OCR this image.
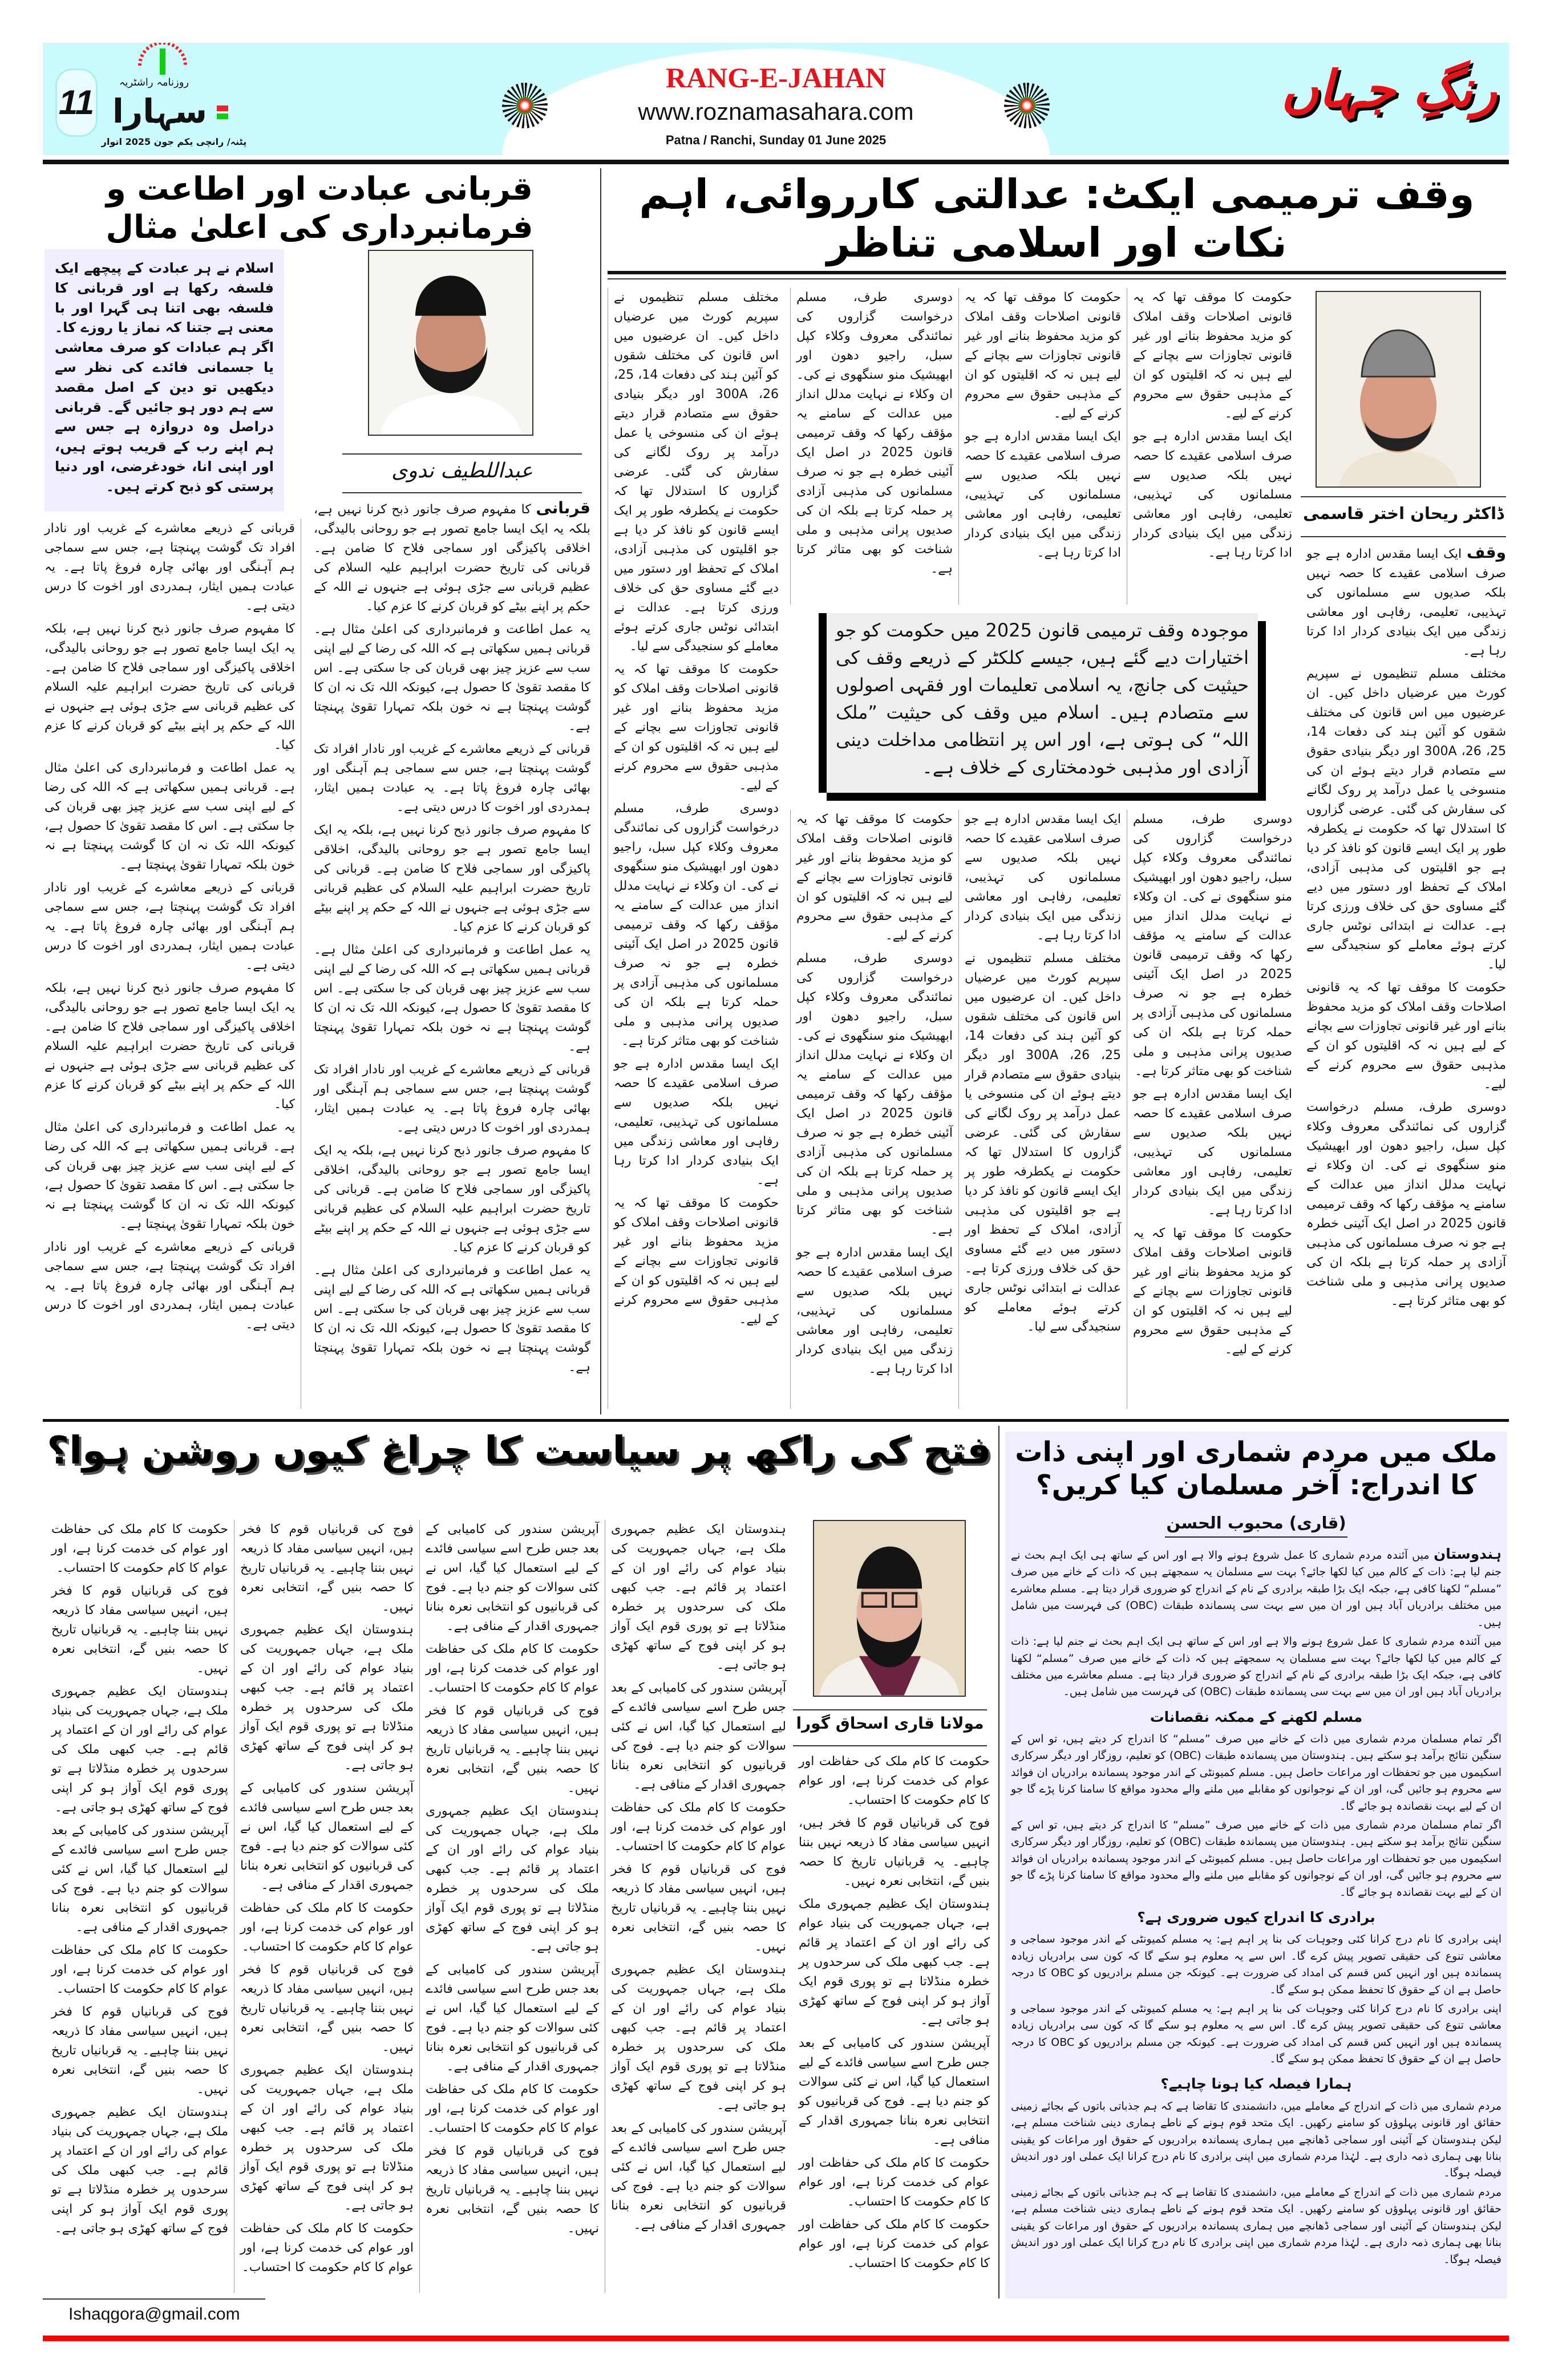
11
روزنامہ راشٹریہ
سہارا
پٹنہ/ رانچی یکم جون 2025 اتوار
RANG-E-JAHAN
www.roznamasahara.com
Patna / Ranchi, Sunday 01 June 2025
رنگِ جہاں
وقف ترمیمی ایکٹ: عدالتی کارروائی، اہم نکات اور اسلامی تناظر
ڈاکٹر ریحان اختر قاسمی

وقف ایک ایسا مقدس ادارہ ہے جو صرف اسلامی عقیدے کا حصہ نہیں بلکہ صدیوں سے مسلمانوں کی تہذیبی، تعلیمی، رفاہی اور معاشی زندگی میں ایک بنیادی کردار ادا کرتا رہا ہے۔

مختلف مسلم تنظیموں نے سپریم کورٹ میں عرضیاں داخل کیں۔ ان عرضیوں میں اس قانون کی مختلف شقوں کو آئین ہند کی دفعات 14، 25، 26، 300A اور دیگر بنیادی حقوق سے متصادم قرار دیتے ہوئے ان کی منسوخی یا عمل درآمد پر روک لگانے کی سفارش کی گئی۔ عرضی گزاروں کا استدلال تھا کہ حکومت نے یکطرفہ طور پر ایک ایسے قانون کو نافذ کر دیا ہے جو اقلیتوں کی مذہبی آزادی، املاک کے تحفظ اور دستور میں دیے گئے مساوی حق کی خلاف ورزی کرتا ہے۔ عدالت نے ابتدائی نوٹس جاری کرتے ہوئے معاملے کو سنجیدگی سے لیا۔

حکومت کا موقف تھا کہ یہ قانونی اصلاحات وقف املاک کو مزید محفوظ بنانے اور غیر قانونی تجاوزات سے بچانے کے لیے ہیں نہ کہ اقلیتوں کو ان کے مذہبی حقوق سے محروم کرنے کے لیے۔

دوسری طرف، مسلم درخواست گزاروں کی نمائندگی معروف وکلاء کپل سبل، راجیو دھون اور ابھیشیک منو سنگھوی نے کی۔ ان وکلاء نے نہایت مدلل انداز میں عدالت کے سامنے یہ مؤقف رکھا کہ وقف ترمیمی قانون 2025 در اصل ایک آئینی خطرہ ہے جو نہ صرف مسلمانوں کی مذہبی آزادی پر حملہ کرتا ہے بلکہ ان کی صدیوں پرانی مذہبی و ملی شناخت کو بھی متاثر کرتا ہے۔

حکومت کا موقف تھا کہ یہ قانونی اصلاحات وقف املاک کو مزید محفوظ بنانے اور غیر قانونی تجاوزات سے بچانے کے لیے ہیں نہ کہ اقلیتوں کو ان کے مذہبی حقوق سے محروم کرنے کے لیے۔

ایک ایسا مقدس ادارہ ہے جو صرف اسلامی عقیدے کا حصہ نہیں بلکہ صدیوں سے مسلمانوں کی تہذیبی، تعلیمی، رفاہی اور معاشی زندگی میں ایک بنیادی کردار ادا کرتا رہا ہے۔

دوسری طرف، مسلم درخواست گزاروں کی نمائندگی معروف وکلاء کپل سبل، راجیو دھون اور ابھیشیک منو سنگھوی نے کی۔ ان وکلاء نے نہایت مدلل انداز میں عدالت کے سامنے یہ مؤقف رکھا کہ وقف ترمیمی قانون 2025 در اصل ایک آئینی خطرہ ہے جو نہ صرف مسلمانوں کی مذہبی آزادی پر حملہ کرتا ہے بلکہ ان کی صدیوں پرانی مذہبی و ملی شناخت کو بھی متاثر کرتا ہے۔

ایک ایسا مقدس ادارہ ہے جو صرف اسلامی عقیدے کا حصہ نہیں بلکہ صدیوں سے مسلمانوں کی تہذیبی، تعلیمی، رفاہی اور معاشی زندگی میں ایک بنیادی کردار ادا کرتا رہا ہے۔

حکومت کا موقف تھا کہ یہ قانونی اصلاحات وقف املاک کو مزید محفوظ بنانے اور غیر قانونی تجاوزات سے بچانے کے لیے ہیں نہ کہ اقلیتوں کو ان کے مذہبی حقوق سے محروم کرنے کے لیے۔

حکومت کا موقف تھا کہ یہ قانونی اصلاحات وقف املاک کو مزید محفوظ بنانے اور غیر قانونی تجاوزات سے بچانے کے لیے ہیں نہ کہ اقلیتوں کو ان کے مذہبی حقوق سے محروم کرنے کے لیے۔

ایک ایسا مقدس ادارہ ہے جو صرف اسلامی عقیدے کا حصہ نہیں بلکہ صدیوں سے مسلمانوں کی تہذیبی، تعلیمی، رفاہی اور معاشی زندگی میں ایک بنیادی کردار ادا کرتا رہا ہے۔

ایک ایسا مقدس ادارہ ہے جو صرف اسلامی عقیدے کا حصہ نہیں بلکہ صدیوں سے مسلمانوں کی تہذیبی، تعلیمی، رفاہی اور معاشی زندگی میں ایک بنیادی کردار ادا کرتا رہا ہے۔

مختلف مسلم تنظیموں نے سپریم کورٹ میں عرضیاں داخل کیں۔ ان عرضیوں میں اس قانون کی مختلف شقوں کو آئین ہند کی دفعات 14، 25، 26، 300A اور دیگر بنیادی حقوق سے متصادم قرار دیتے ہوئے ان کی منسوخی یا عمل درآمد پر روک لگانے کی سفارش کی گئی۔ عرضی گزاروں کا استدلال تھا کہ حکومت نے یکطرفہ طور پر ایک ایسے قانون کو نافذ کر دیا ہے جو اقلیتوں کی مذہبی آزادی، املاک کے تحفظ اور دستور میں دیے گئے مساوی حق کی خلاف ورزی کرتا ہے۔ عدالت نے ابتدائی نوٹس جاری کرتے ہوئے معاملے کو سنجیدگی سے لیا۔

دوسری طرف، مسلم درخواست گزاروں کی نمائندگی معروف وکلاء کپل سبل، راجیو دھون اور ابھیشیک منو سنگھوی نے کی۔ ان وکلاء نے نہایت مدلل انداز میں عدالت کے سامنے یہ مؤقف رکھا کہ وقف ترمیمی قانون 2025 در اصل ایک آئینی خطرہ ہے جو نہ صرف مسلمانوں کی مذہبی آزادی پر حملہ کرتا ہے بلکہ ان کی صدیوں پرانی مذہبی و ملی شناخت کو بھی متاثر کرتا ہے۔

حکومت کا موقف تھا کہ یہ قانونی اصلاحات وقف املاک کو مزید محفوظ بنانے اور غیر قانونی تجاوزات سے بچانے کے لیے ہیں نہ کہ اقلیتوں کو ان کے مذہبی حقوق سے محروم کرنے کے لیے۔

دوسری طرف، مسلم درخواست گزاروں کی نمائندگی معروف وکلاء کپل سبل، راجیو دھون اور ابھیشیک منو سنگھوی نے کی۔ ان وکلاء نے نہایت مدلل انداز میں عدالت کے سامنے یہ مؤقف رکھا کہ وقف ترمیمی قانون 2025 در اصل ایک آئینی خطرہ ہے جو نہ صرف مسلمانوں کی مذہبی آزادی پر حملہ کرتا ہے بلکہ ان کی صدیوں پرانی مذہبی و ملی شناخت کو بھی متاثر کرتا ہے۔

ایک ایسا مقدس ادارہ ہے جو صرف اسلامی عقیدے کا حصہ نہیں بلکہ صدیوں سے مسلمانوں کی تہذیبی، تعلیمی، رفاہی اور معاشی زندگی میں ایک بنیادی کردار ادا کرتا رہا ہے۔

مختلف مسلم تنظیموں نے سپریم کورٹ میں عرضیاں داخل کیں۔ ان عرضیوں میں اس قانون کی مختلف شقوں کو آئین ہند کی دفعات 14، 25، 26، 300A اور دیگر بنیادی حقوق سے متصادم قرار دیتے ہوئے ان کی منسوخی یا عمل درآمد پر روک لگانے کی سفارش کی گئی۔ عرضی گزاروں کا استدلال تھا کہ حکومت نے یکطرفہ طور پر ایک ایسے قانون کو نافذ کر دیا ہے جو اقلیتوں کی مذہبی آزادی، املاک کے تحفظ اور دستور میں دیے گئے مساوی حق کی خلاف ورزی کرتا ہے۔ عدالت نے ابتدائی نوٹس جاری کرتے ہوئے معاملے کو سنجیدگی سے لیا۔

حکومت کا موقف تھا کہ یہ قانونی اصلاحات وقف املاک کو مزید محفوظ بنانے اور غیر قانونی تجاوزات سے بچانے کے لیے ہیں نہ کہ اقلیتوں کو ان کے مذہبی حقوق سے محروم کرنے کے لیے۔

دوسری طرف، مسلم درخواست گزاروں کی نمائندگی معروف وکلاء کپل سبل، راجیو دھون اور ابھیشیک منو سنگھوی نے کی۔ ان وکلاء نے نہایت مدلل انداز میں عدالت کے سامنے یہ مؤقف رکھا کہ وقف ترمیمی قانون 2025 در اصل ایک آئینی خطرہ ہے جو نہ صرف مسلمانوں کی مذہبی آزادی پر حملہ کرتا ہے بلکہ ان کی صدیوں پرانی مذہبی و ملی شناخت کو بھی متاثر کرتا ہے۔

ایک ایسا مقدس ادارہ ہے جو صرف اسلامی عقیدے کا حصہ نہیں بلکہ صدیوں سے مسلمانوں کی تہذیبی، تعلیمی، رفاہی اور معاشی زندگی میں ایک بنیادی کردار ادا کرتا رہا ہے۔

حکومت کا موقف تھا کہ یہ قانونی اصلاحات وقف املاک کو مزید محفوظ بنانے اور غیر قانونی تجاوزات سے بچانے کے لیے ہیں نہ کہ اقلیتوں کو ان کے مذہبی حقوق سے محروم کرنے کے لیے۔

موجودہ وقف ترمیمی قانون 2025 میں حکومت کو جو اختیارات دیے گئے ہیں، جیسے کلکٹر کے ذریعے وقف کی حیثیت کی جانچ، یہ اسلامی تعلیمات اور فقہی اصولوں سے متصادم ہیں۔ اسلام میں وقف کی حیثیت ”ملک اللہ“ کی ہوتی ہے، اور اس پر انتظامی مداخلت دینی آزادی اور مذہبی خودمختاری کے خلاف ہے۔
قربانی عبادت اور اطاعت و فرمانبرداری کی اعلیٰ مثال
اسلام نے ہر عبادت کے پیچھے ایک فلسفہ رکھا ہے اور قربانی کا فلسفہ بھی اتنا ہی گہرا اور با معنی ہے جتنا کہ نماز یا روزے کا۔ اگر ہم عبادات کو صرف معاشی یا جسمانی فائدے کی نظر سے دیکھیں تو دین کے اصل مقصد سے ہم دور ہو جائیں گے۔ قربانی دراصل وہ دروازہ ہے جس سے ہم اپنے رب کے قریب ہوتے ہیں، اور اپنی انا، خودغرضی، اور دنیا پرستی کو ذبح کرتے ہیں۔
عبداللطیف ندوی

قربانی کا مفہوم صرف جانور ذبح کرنا نہیں ہے، بلکہ یہ ایک ایسا جامع تصور ہے جو روحانی بالیدگی، اخلاقی پاکیزگی اور سماجی فلاح کا ضامن ہے۔ قربانی کی تاریخ حضرت ابراہیم علیہ السلام کی عظیم قربانی سے جڑی ہوئی ہے جنہوں نے اللہ کے حکم پر اپنے بیٹے کو قربان کرنے کا عزم کیا۔

یہ عمل اطاعت و فرمانبرداری کی اعلیٰ مثال ہے۔ قربانی ہمیں سکھاتی ہے کہ اللہ کی رضا کے لیے اپنی سب سے عزیز چیز بھی قربان کی جا سکتی ہے۔ اس کا مقصد تقویٰ کا حصول ہے، کیونکہ اللہ تک نہ ان کا گوشت پہنچتا ہے نہ خون بلکہ تمہارا تقویٰ پہنچتا ہے۔

قربانی کے ذریعے معاشرے کے غریب اور نادار افراد تک گوشت پہنچتا ہے، جس سے سماجی ہم آہنگی اور بھائی چارہ فروغ پاتا ہے۔ یہ عبادت ہمیں ایثار، ہمدردی اور اخوت کا درس دیتی ہے۔

کا مفہوم صرف جانور ذبح کرنا نہیں ہے، بلکہ یہ ایک ایسا جامع تصور ہے جو روحانی بالیدگی، اخلاقی پاکیزگی اور سماجی فلاح کا ضامن ہے۔ قربانی کی تاریخ حضرت ابراہیم علیہ السلام کی عظیم قربانی سے جڑی ہوئی ہے جنہوں نے اللہ کے حکم پر اپنے بیٹے کو قربان کرنے کا عزم کیا۔

یہ عمل اطاعت و فرمانبرداری کی اعلیٰ مثال ہے۔ قربانی ہمیں سکھاتی ہے کہ اللہ کی رضا کے لیے اپنی سب سے عزیز چیز بھی قربان کی جا سکتی ہے۔ اس کا مقصد تقویٰ کا حصول ہے، کیونکہ اللہ تک نہ ان کا گوشت پہنچتا ہے نہ خون بلکہ تمہارا تقویٰ پہنچتا ہے۔

قربانی کے ذریعے معاشرے کے غریب اور نادار افراد تک گوشت پہنچتا ہے، جس سے سماجی ہم آہنگی اور بھائی چارہ فروغ پاتا ہے۔ یہ عبادت ہمیں ایثار، ہمدردی اور اخوت کا درس دیتی ہے۔

کا مفہوم صرف جانور ذبح کرنا نہیں ہے، بلکہ یہ ایک ایسا جامع تصور ہے جو روحانی بالیدگی، اخلاقی پاکیزگی اور سماجی فلاح کا ضامن ہے۔ قربانی کی تاریخ حضرت ابراہیم علیہ السلام کی عظیم قربانی سے جڑی ہوئی ہے جنہوں نے اللہ کے حکم پر اپنے بیٹے کو قربان کرنے کا عزم کیا۔

یہ عمل اطاعت و فرمانبرداری کی اعلیٰ مثال ہے۔ قربانی ہمیں سکھاتی ہے کہ اللہ کی رضا کے لیے اپنی سب سے عزیز چیز بھی قربان کی جا سکتی ہے۔ اس کا مقصد تقویٰ کا حصول ہے، کیونکہ اللہ تک نہ ان کا گوشت پہنچتا ہے نہ خون بلکہ تمہارا تقویٰ پہنچتا ہے۔

قربانی کے ذریعے معاشرے کے غریب اور نادار افراد تک گوشت پہنچتا ہے، جس سے سماجی ہم آہنگی اور بھائی چارہ فروغ پاتا ہے۔ یہ عبادت ہمیں ایثار، ہمدردی اور اخوت کا درس دیتی ہے۔

کا مفہوم صرف جانور ذبح کرنا نہیں ہے، بلکہ یہ ایک ایسا جامع تصور ہے جو روحانی بالیدگی، اخلاقی پاکیزگی اور سماجی فلاح کا ضامن ہے۔ قربانی کی تاریخ حضرت ابراہیم علیہ السلام کی عظیم قربانی سے جڑی ہوئی ہے جنہوں نے اللہ کے حکم پر اپنے بیٹے کو قربان کرنے کا عزم کیا۔

یہ عمل اطاعت و فرمانبرداری کی اعلیٰ مثال ہے۔ قربانی ہمیں سکھاتی ہے کہ اللہ کی رضا کے لیے اپنی سب سے عزیز چیز بھی قربان کی جا سکتی ہے۔ اس کا مقصد تقویٰ کا حصول ہے، کیونکہ اللہ تک نہ ان کا گوشت پہنچتا ہے نہ خون بلکہ تمہارا تقویٰ پہنچتا ہے۔

قربانی کے ذریعے معاشرے کے غریب اور نادار افراد تک گوشت پہنچتا ہے، جس سے سماجی ہم آہنگی اور بھائی چارہ فروغ پاتا ہے۔ یہ عبادت ہمیں ایثار، ہمدردی اور اخوت کا درس دیتی ہے۔

کا مفہوم صرف جانور ذبح کرنا نہیں ہے، بلکہ یہ ایک ایسا جامع تصور ہے جو روحانی بالیدگی، اخلاقی پاکیزگی اور سماجی فلاح کا ضامن ہے۔ قربانی کی تاریخ حضرت ابراہیم علیہ السلام کی عظیم قربانی سے جڑی ہوئی ہے جنہوں نے اللہ کے حکم پر اپنے بیٹے کو قربان کرنے کا عزم کیا۔

یہ عمل اطاعت و فرمانبرداری کی اعلیٰ مثال ہے۔ قربانی ہمیں سکھاتی ہے کہ اللہ کی رضا کے لیے اپنی سب سے عزیز چیز بھی قربان کی جا سکتی ہے۔ اس کا مقصد تقویٰ کا حصول ہے، کیونکہ اللہ تک نہ ان کا گوشت پہنچتا ہے نہ خون بلکہ تمہارا تقویٰ پہنچتا ہے۔

قربانی کے ذریعے معاشرے کے غریب اور نادار افراد تک گوشت پہنچتا ہے، جس سے سماجی ہم آہنگی اور بھائی چارہ فروغ پاتا ہے۔ یہ عبادت ہمیں ایثار، ہمدردی اور اخوت کا درس دیتی ہے۔

فتح کی راکھ پر سیاست کا چراغ کیوں روشن ہوا؟
مولانا قاری اسحاق گورا

حکومت کا کام ملک کی حفاظت اور عوام کی خدمت کرنا ہے، اور عوام کا کام حکومت کا احتساب۔

فوج کی قربانیاں قوم کا فخر ہیں، انہیں سیاسی مفاد کا ذریعہ نہیں بننا چاہیے۔ یہ قربانیاں تاریخ کا حصہ بنیں گے، انتخابی نعرہ نہیں۔

ہندوستان ایک عظیم جمہوری ملک ہے، جہاں جمہوریت کی بنیاد عوام کی رائے اور ان کے اعتماد پر قائم ہے۔ جب کبھی ملک کی سرحدوں پر خطرہ منڈلاتا ہے تو پوری قوم ایک آواز ہو کر اپنی فوج کے ساتھ کھڑی ہو جاتی ہے۔

آپریشن سندور کی کامیابی کے بعد جس طرح اسے سیاسی فائدے کے لیے استعمال کیا گیا، اس نے کئی سوالات کو جنم دیا ہے۔ فوج کی قربانیوں کو انتخابی نعرہ بنانا جمہوری اقدار کے منافی ہے۔

حکومت کا کام ملک کی حفاظت اور عوام کی خدمت کرنا ہے، اور عوام کا کام حکومت کا احتساب۔

حکومت کا کام ملک کی حفاظت اور عوام کی خدمت کرنا ہے، اور عوام کا کام حکومت کا احتساب۔

ہندوستان ایک عظیم جمہوری ملک ہے، جہاں جمہوریت کی بنیاد عوام کی رائے اور ان کے اعتماد پر قائم ہے۔ جب کبھی ملک کی سرحدوں پر خطرہ منڈلاتا ہے تو پوری قوم ایک آواز ہو کر اپنی فوج کے ساتھ کھڑی ہو جاتی ہے۔

آپریشن سندور کی کامیابی کے بعد جس طرح اسے سیاسی فائدے کے لیے استعمال کیا گیا، اس نے کئی سوالات کو جنم دیا ہے۔ فوج کی قربانیوں کو انتخابی نعرہ بنانا جمہوری اقدار کے منافی ہے۔

حکومت کا کام ملک کی حفاظت اور عوام کی خدمت کرنا ہے، اور عوام کا کام حکومت کا احتساب۔

فوج کی قربانیاں قوم کا فخر ہیں، انہیں سیاسی مفاد کا ذریعہ نہیں بننا چاہیے۔ یہ قربانیاں تاریخ کا حصہ بنیں گے، انتخابی نعرہ نہیں۔

ہندوستان ایک عظیم جمہوری ملک ہے، جہاں جمہوریت کی بنیاد عوام کی رائے اور ان کے اعتماد پر قائم ہے۔ جب کبھی ملک کی سرحدوں پر خطرہ منڈلاتا ہے تو پوری قوم ایک آواز ہو کر اپنی فوج کے ساتھ کھڑی ہو جاتی ہے۔

آپریشن سندور کی کامیابی کے بعد جس طرح اسے سیاسی فائدے کے لیے استعمال کیا گیا، اس نے کئی سوالات کو جنم دیا ہے۔ فوج کی قربانیوں کو انتخابی نعرہ بنانا جمہوری اقدار کے منافی ہے۔

آپریشن سندور کی کامیابی کے بعد جس طرح اسے سیاسی فائدے کے لیے استعمال کیا گیا، اس نے کئی سوالات کو جنم دیا ہے۔ فوج کی قربانیوں کو انتخابی نعرہ بنانا جمہوری اقدار کے منافی ہے۔

حکومت کا کام ملک کی حفاظت اور عوام کی خدمت کرنا ہے، اور عوام کا کام حکومت کا احتساب۔

فوج کی قربانیاں قوم کا فخر ہیں، انہیں سیاسی مفاد کا ذریعہ نہیں بننا چاہیے۔ یہ قربانیاں تاریخ کا حصہ بنیں گے، انتخابی نعرہ نہیں۔

ہندوستان ایک عظیم جمہوری ملک ہے، جہاں جمہوریت کی بنیاد عوام کی رائے اور ان کے اعتماد پر قائم ہے۔ جب کبھی ملک کی سرحدوں پر خطرہ منڈلاتا ہے تو پوری قوم ایک آواز ہو کر اپنی فوج کے ساتھ کھڑی ہو جاتی ہے۔

آپریشن سندور کی کامیابی کے بعد جس طرح اسے سیاسی فائدے کے لیے استعمال کیا گیا، اس نے کئی سوالات کو جنم دیا ہے۔ فوج کی قربانیوں کو انتخابی نعرہ بنانا جمہوری اقدار کے منافی ہے۔

حکومت کا کام ملک کی حفاظت اور عوام کی خدمت کرنا ہے، اور عوام کا کام حکومت کا احتساب۔

فوج کی قربانیاں قوم کا فخر ہیں، انہیں سیاسی مفاد کا ذریعہ نہیں بننا چاہیے۔ یہ قربانیاں تاریخ کا حصہ بنیں گے، انتخابی نعرہ نہیں۔

فوج کی قربانیاں قوم کا فخر ہیں، انہیں سیاسی مفاد کا ذریعہ نہیں بننا چاہیے۔ یہ قربانیاں تاریخ کا حصہ بنیں گے، انتخابی نعرہ نہیں۔

ہندوستان ایک عظیم جمہوری ملک ہے، جہاں جمہوریت کی بنیاد عوام کی رائے اور ان کے اعتماد پر قائم ہے۔ جب کبھی ملک کی سرحدوں پر خطرہ منڈلاتا ہے تو پوری قوم ایک آواز ہو کر اپنی فوج کے ساتھ کھڑی ہو جاتی ہے۔

آپریشن سندور کی کامیابی کے بعد جس طرح اسے سیاسی فائدے کے لیے استعمال کیا گیا، اس نے کئی سوالات کو جنم دیا ہے۔ فوج کی قربانیوں کو انتخابی نعرہ بنانا جمہوری اقدار کے منافی ہے۔

حکومت کا کام ملک کی حفاظت اور عوام کی خدمت کرنا ہے، اور عوام کا کام حکومت کا احتساب۔

فوج کی قربانیاں قوم کا فخر ہیں، انہیں سیاسی مفاد کا ذریعہ نہیں بننا چاہیے۔ یہ قربانیاں تاریخ کا حصہ بنیں گے، انتخابی نعرہ نہیں۔

ہندوستان ایک عظیم جمہوری ملک ہے، جہاں جمہوریت کی بنیاد عوام کی رائے اور ان کے اعتماد پر قائم ہے۔ جب کبھی ملک کی سرحدوں پر خطرہ منڈلاتا ہے تو پوری قوم ایک آواز ہو کر اپنی فوج کے ساتھ کھڑی ہو جاتی ہے۔

حکومت کا کام ملک کی حفاظت اور عوام کی خدمت کرنا ہے، اور عوام کا کام حکومت کا احتساب۔

حکومت کا کام ملک کی حفاظت اور عوام کی خدمت کرنا ہے، اور عوام کا کام حکومت کا احتساب۔

فوج کی قربانیاں قوم کا فخر ہیں، انہیں سیاسی مفاد کا ذریعہ نہیں بننا چاہیے۔ یہ قربانیاں تاریخ کا حصہ بنیں گے، انتخابی نعرہ نہیں۔

ہندوستان ایک عظیم جمہوری ملک ہے، جہاں جمہوریت کی بنیاد عوام کی رائے اور ان کے اعتماد پر قائم ہے۔ جب کبھی ملک کی سرحدوں پر خطرہ منڈلاتا ہے تو پوری قوم ایک آواز ہو کر اپنی فوج کے ساتھ کھڑی ہو جاتی ہے۔

آپریشن سندور کی کامیابی کے بعد جس طرح اسے سیاسی فائدے کے لیے استعمال کیا گیا، اس نے کئی سوالات کو جنم دیا ہے۔ فوج کی قربانیوں کو انتخابی نعرہ بنانا جمہوری اقدار کے منافی ہے۔

حکومت کا کام ملک کی حفاظت اور عوام کی خدمت کرنا ہے، اور عوام کا کام حکومت کا احتساب۔

فوج کی قربانیاں قوم کا فخر ہیں، انہیں سیاسی مفاد کا ذریعہ نہیں بننا چاہیے۔ یہ قربانیاں تاریخ کا حصہ بنیں گے، انتخابی نعرہ نہیں۔

ہندوستان ایک عظیم جمہوری ملک ہے، جہاں جمہوریت کی بنیاد عوام کی رائے اور ان کے اعتماد پر قائم ہے۔ جب کبھی ملک کی سرحدوں پر خطرہ منڈلاتا ہے تو پوری قوم ایک آواز ہو کر اپنی فوج کے ساتھ کھڑی ہو جاتی ہے۔

Ishaqgora@gmail.com
ملک میں مردم شماری اور اپنی ذات کا اندراج: آخر مسلمان کیا کریں؟
(قاری) محبوب الحسن

ہندوستان میں آئندہ مردم شماری کا عمل شروع ہونے والا ہے اور اس کے ساتھ ہی ایک اہم بحث نے جنم لیا ہے: ذات کے کالم میں کیا لکھا جائے؟ بہت سے مسلمان یہ سمجھتے ہیں کہ ذات کے خانے میں صرف ”مسلم“ لکھنا کافی ہے، جبکہ ایک بڑا طبقہ برادری کے نام کے اندراج کو ضروری قرار دیتا ہے۔ مسلم معاشرے میں مختلف برادریاں آباد ہیں اور ان میں سے بہت سی پسماندہ طبقات (OBC) کی فہرست میں شامل ہیں۔

میں آئندہ مردم شماری کا عمل شروع ہونے والا ہے اور اس کے ساتھ ہی ایک اہم بحث نے جنم لیا ہے: ذات کے کالم میں کیا لکھا جائے؟ بہت سے مسلمان یہ سمجھتے ہیں کہ ذات کے خانے میں صرف ”مسلم“ لکھنا کافی ہے، جبکہ ایک بڑا طبقہ برادری کے نام کے اندراج کو ضروری قرار دیتا ہے۔ مسلم معاشرے میں مختلف برادریاں آباد ہیں اور ان میں سے بہت سی پسماندہ طبقات (OBC) کی فہرست میں شامل ہیں۔

مسلم لکھنے کے ممکنہ نقصانات

اگر تمام مسلمان مردم شماری میں ذات کے خانے میں صرف ”مسلم“ کا اندراج کر دیتے ہیں، تو اس کے سنگین نتائج برآمد ہو سکتے ہیں۔ ہندوستان میں پسماندہ طبقات (OBC) کو تعلیم، روزگار اور دیگر سرکاری اسکیموں میں جو تحفظات اور مراعات حاصل ہیں۔ مسلم کمیونٹی کے اندر موجود پسماندہ برادریاں ان فوائد سے محروم ہو جائیں گی، اور ان کے نوجوانوں کو مقابلے میں ملنے والے محدود مواقع کا سامنا کرنا پڑے گا جو ان کے لیے بہت نقصاندہ ہو جائے گا۔

اگر تمام مسلمان مردم شماری میں ذات کے خانے میں صرف ”مسلم“ کا اندراج کر دیتے ہیں، تو اس کے سنگین نتائج برآمد ہو سکتے ہیں۔ ہندوستان میں پسماندہ طبقات (OBC) کو تعلیم، روزگار اور دیگر سرکاری اسکیموں میں جو تحفظات اور مراعات حاصل ہیں۔ مسلم کمیونٹی کے اندر موجود پسماندہ برادریاں ان فوائد سے محروم ہو جائیں گی، اور ان کے نوجوانوں کو مقابلے میں ملنے والے محدود مواقع کا سامنا کرنا پڑے گا جو ان کے لیے بہت نقصاندہ ہو جائے گا۔

برادری کا اندراج کیوں ضروری ہے؟

اپنی برادری کا نام درج کرانا کئی وجوہات کی بنا پر اہم ہے: یہ مسلم کمیونٹی کے اندر موجود سماجی و معاشی تنوع کی حقیقی تصویر پیش کرے گا۔ اس سے یہ معلوم ہو سکے گا کہ کون سی برادریاں زیادہ پسماندہ ہیں اور انہیں کس قسم کی امداد کی ضرورت ہے۔ کیونکہ جن مسلم برادریوں کو OBC کا درجہ حاصل ہے ان کے حقوق کا تحفظ ممکن ہو سکے گا۔

اپنی برادری کا نام درج کرانا کئی وجوہات کی بنا پر اہم ہے: یہ مسلم کمیونٹی کے اندر موجود سماجی و معاشی تنوع کی حقیقی تصویر پیش کرے گا۔ اس سے یہ معلوم ہو سکے گا کہ کون سی برادریاں زیادہ پسماندہ ہیں اور انہیں کس قسم کی امداد کی ضرورت ہے۔ کیونکہ جن مسلم برادریوں کو OBC کا درجہ حاصل ہے ان کے حقوق کا تحفظ ممکن ہو سکے گا۔

ہمارا فیصلہ کیا ہونا چاہیے؟

مردم شماری میں ذات کے اندراج کے معاملے میں، دانشمندی کا تقاضا ہے کہ ہم جذباتی باتوں کے بجائے زمینی حقائق اور قانونی پہلوؤں کو سامنے رکھیں۔ ایک متحد قوم ہونے کے ناطے ہماری دینی شناخت مسلم ہے، لیکن ہندوستان کے آئینی اور سماجی ڈھانچے میں ہماری پسماندہ برادریوں کے حقوق اور مراعات کو یقینی بنانا بھی ہماری ذمہ داری ہے۔ لہٰذا مردم شماری میں اپنی برادری کا نام درج کرانا ایک عملی اور دور اندیش فیصلہ ہوگا۔

مردم شماری میں ذات کے اندراج کے معاملے میں، دانشمندی کا تقاضا ہے کہ ہم جذباتی باتوں کے بجائے زمینی حقائق اور قانونی پہلوؤں کو سامنے رکھیں۔ ایک متحد قوم ہونے کے ناطے ہماری دینی شناخت مسلم ہے، لیکن ہندوستان کے آئینی اور سماجی ڈھانچے میں ہماری پسماندہ برادریوں کے حقوق اور مراعات کو یقینی بنانا بھی ہماری ذمہ داری ہے۔ لہٰذا مردم شماری میں اپنی برادری کا نام درج کرانا ایک عملی اور دور اندیش فیصلہ ہوگا۔
